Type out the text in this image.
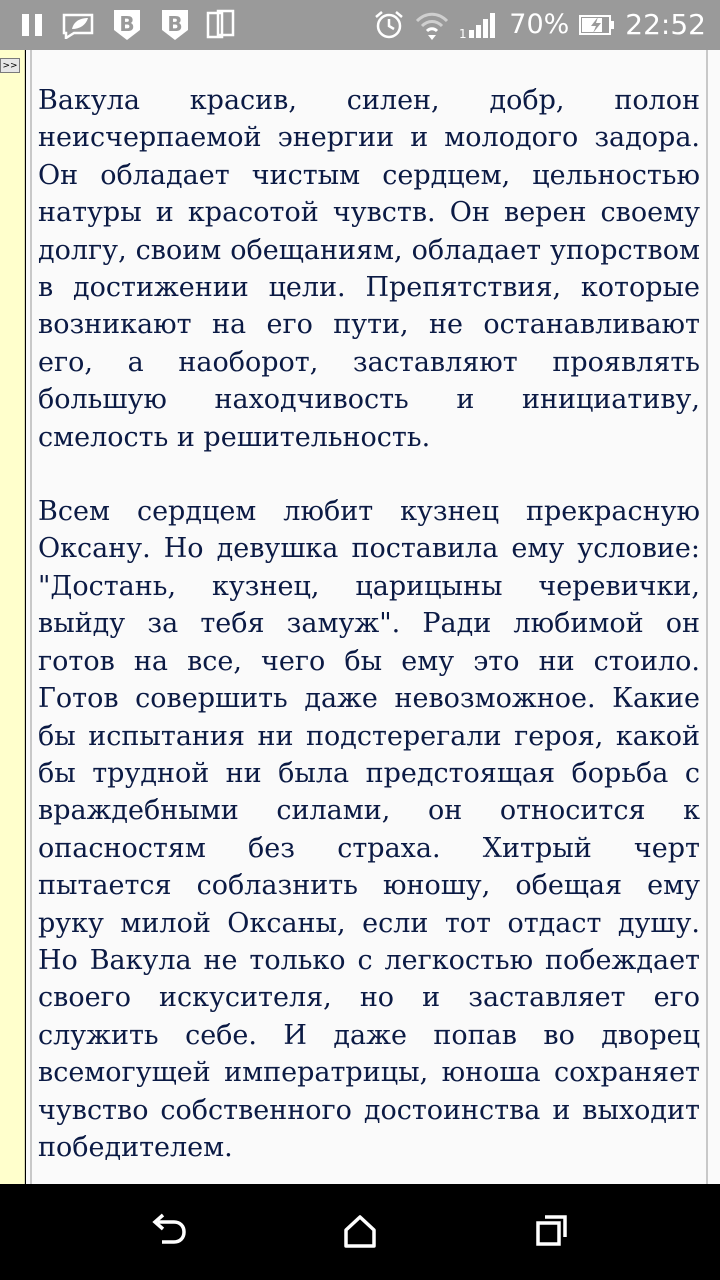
B B	1 70% 22:52
>>

Вакула красив, силен, добр, полон неисчерпаемой энергии и молодого задора. Он обладает чистым сердцем, цельностью натуры и красотой чувств. Он верен своему долгу, своим обещаниям, обладает упорством в достижении цели. Препятствия, которые возникают на его пути, не останавливают его, а наоборот, заставляют проявлять большую находчивость и инициативу, смелость и решительность.

Всем сердцем любит кузнец прекрасную Оксану. Но девушка поставила ему условие: "Достань, кузнец, царицыны черевички, выйду за тебя замуж". Ради любимой он готов на все, чего бы ему это ни стоило. Готов совершить даже невозможное. Какие бы испытания ни подстерегали героя, какой бы трудной ни была предстоящая борьба с враждебными силами, он относится к опасностям без страха. Хитрый черт пытается соблазнить юношу, обещая ему руку милой Оксаны, если тот отдаст душу. Но Вакула не только с легкостью побеждает своего искусителя, но и заставляет его служить себе. И даже попав во дворец всемогущей императрицы, юноша сохраняет чувство собственного достоинства и выходит победителем.
